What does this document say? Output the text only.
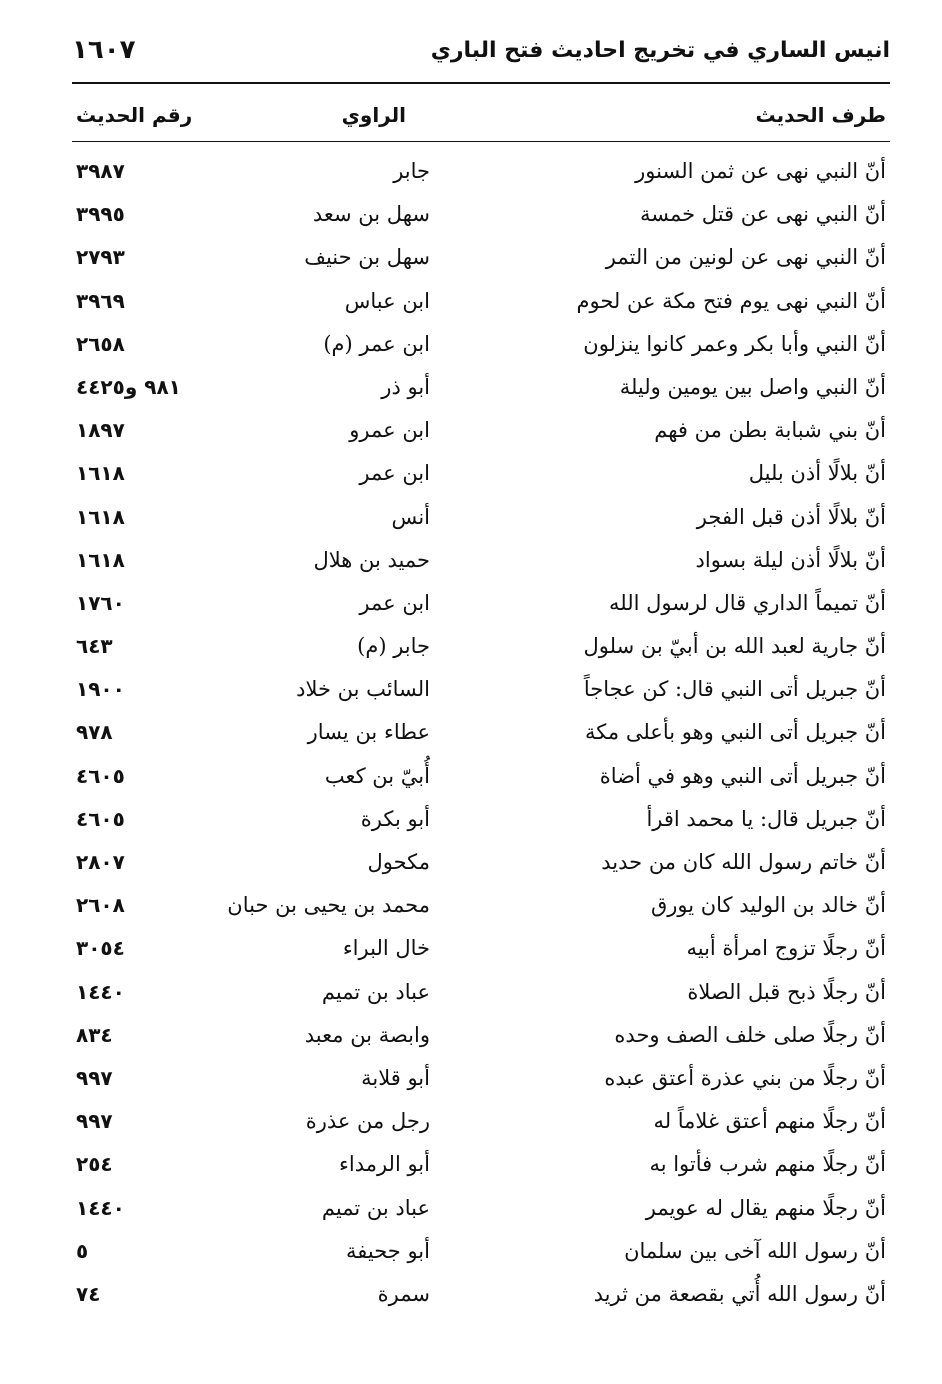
انيس الساري في تخريج احاديث فتح الباري
١٦٠٧
طرف الحديث
الراوي
رقم الحديث
أنّ النبي نهى عن ثمن السنور
جابر
٣٩٨٧
أنّ النبي نهى عن قتل خمسة
سهل بن سعد
٣٩٩٥
أنّ النبي نهى عن لونين من التمر
سهل بن حنيف
٢٧٩٣
أنّ النبي نهى يوم فتح مكة عن لحوم
ابن عباس
٣٩٦٩
أنّ النبي وأبا بكر وعمر كانوا ينزلون
ابن عمر (م)
٢٦٥٨
أنّ النبي واصل بين يومين وليلة
أبو ذر
٩٨١ و٤٤٢٥
أنّ بني شبابة بطن من فهم
ابن عمرو
١٨٩٧
أنّ بلالًا أذن بليل
ابن عمر
١٦١٨
أنّ بلالًا أذن قبل الفجر
أنس
١٦١٨
أنّ بلالًا أذن ليلة بسواد
حميد بن هلال
١٦١٨
أنّ تميماً الداري قال لرسول الله
ابن عمر
١٧٦٠
أنّ جارية لعبد الله بن أبيّ بن سلول
جابر (م)
٦٤٣
أنّ جبريل أتى النبي قال: كن عجاجاً
السائب بن خلاد
١٩٠٠
أنّ جبريل أتى النبي وهو بأعلى مكة
عطاء بن يسار
٩٧٨
أنّ جبريل أتى النبي وهو في أضاة
أُبيّ بن كعب
٤٦٠٥
أنّ جبريل قال: يا محمد اقرأ
أبو بكرة
٤٦٠٥
أنّ خاتم رسول الله كان من حديد
مكحول
٢٨٠٧
أنّ خالد بن الوليد كان يورق
محمد بن يحيى بن حبان
٢٦٠٨
أنّ رجلًا تزوج امرأة أبيه
خال البراء
٣٠٥٤
أنّ رجلًا ذبح قبل الصلاة
عباد بن تميم
١٤٤٠
أنّ رجلًا صلى خلف الصف وحده
وابصة بن معبد
٨٣٤
أنّ رجلًا من بني عذرة أعتق عبده
أبو قلابة
٩٩٧
أنّ رجلًا منهم أعتق غلاماً له
رجل من عذرة
٩٩٧
أنّ رجلًا منهم شرب فأتوا به
أبو الرمداء
٢٥٤
أنّ رجلًا منهم يقال له عويمر
عباد بن تميم
١٤٤٠
أنّ رسول الله آخى بين سلمان
أبو جحيفة
٥
أنّ رسول الله أُتي بقصعة من ثريد
سمرة
٧٤
